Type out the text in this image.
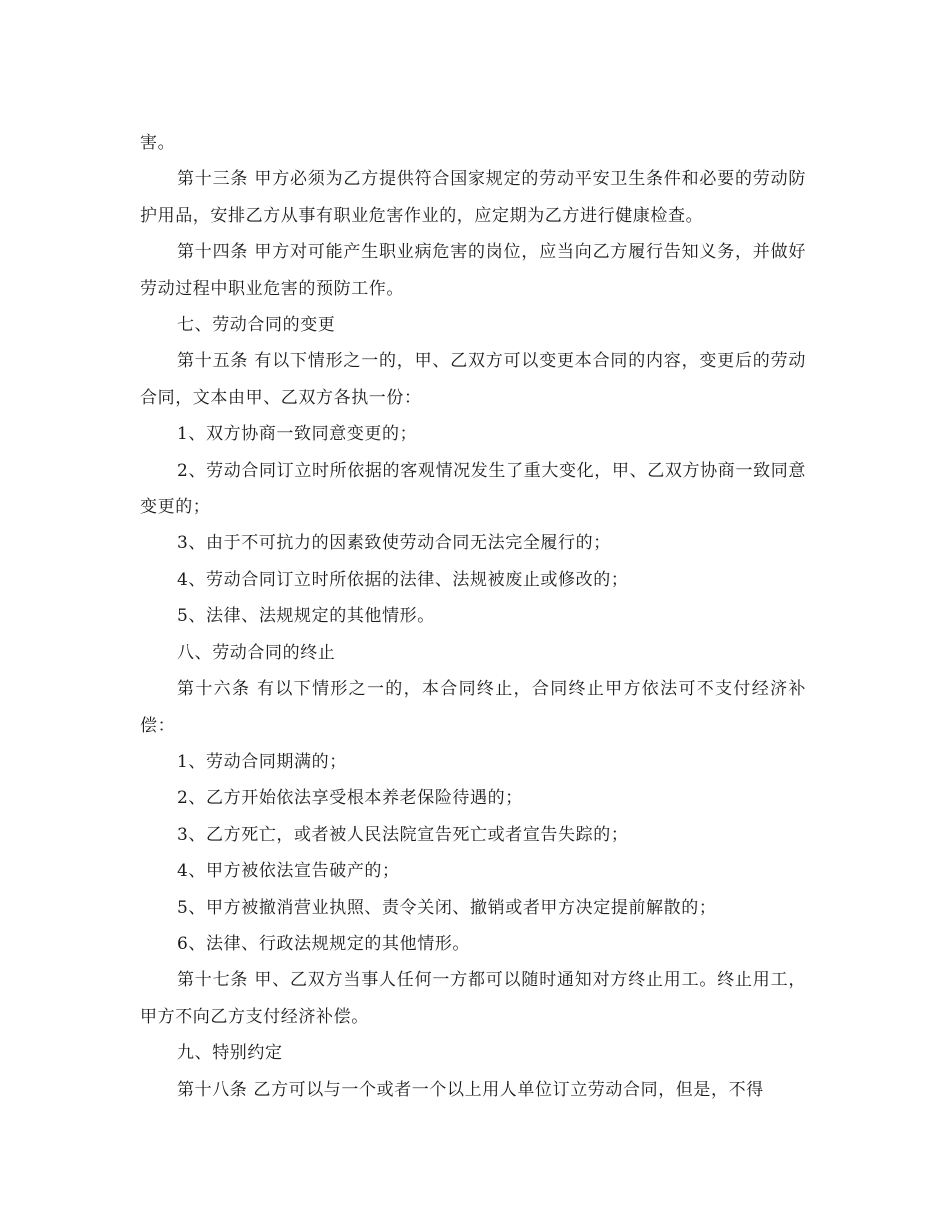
害。

第十三条 甲方必须为乙方提供符合国家规定的劳动平安卫生条件和必要的劳动防护用品，安排乙方从事有职业危害作业的，应定期为乙方进行健康检查。

第十四条 甲方对可能产生职业病危害的岗位，应当向乙方履行告知义务，并做好劳动过程中职业危害的预防工作。

七、劳动合同的变更

第十五条 有以下情形之一的，甲、乙双方可以变更本合同的内容，变更后的劳动合同，文本由甲、乙双方各执一份：

1、双方协商一致同意变更的；

2、劳动合同订立时所依据的客观情况发生了重大变化，甲、乙双方协商一致同意变更的；

3、由于不可抗力的因素致使劳动合同无法完全履行的；

4、劳动合同订立时所依据的法律、法规被废止或修改的；

5、法律、法规规定的其他情形。

八、劳动合同的终止

第十六条 有以下情形之一的，本合同终止，合同终止甲方依法可不支付经济补偿：

1、劳动合同期满的；

2、乙方开始依法享受根本养老保险待遇的；

3、乙方死亡，或者被人民法院宣告死亡或者宣告失踪的；

4、甲方被依法宣告破产的；

5、甲方被撤消营业执照、责令关闭、撤销或者甲方决定提前解散的；

6、法律、行政法规规定的其他情形。

第十七条 甲、乙双方当事人任何一方都可以随时通知对方终止用工。终止用工，甲方不向乙方支付经济补偿。

九、特别约定

第十八条 乙方可以与一个或者一个以上用人单位订立劳动合同，但是，不得
